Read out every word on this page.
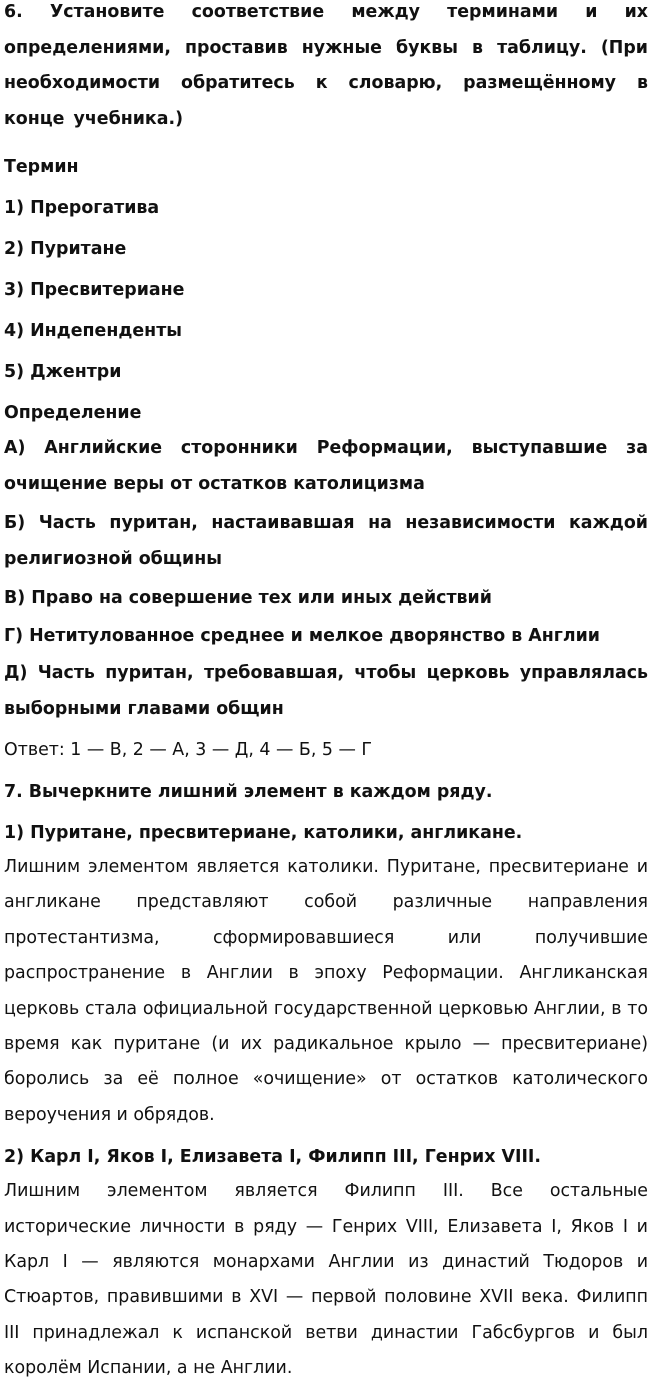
6. Установите соответствие между терминами и их определениями, проставив нужные буквы в таблицу. (При необходимости обратитесь к словарю, размещённому в конце учебника.)

Термин

1) Прерогатива

2) Пуритане

3) Пресвитериане

4) Индепенденты

5) Джентри

Определение

А) Английские сторонники Реформации, выступавшие за очищение веры от остатков католицизма

Б) Часть пуритан, настаивавшая на независимости каждой религиозной общины

В) Право на совершение тех или иных действий

Г) Нетитулованное среднее и мелкое дворянство в Англии

Д) Часть пуритан, требовавшая, чтобы церковь управлялась выборными главами общин

Ответ: 1 — В, 2 — А, 3 — Д, 4 — Б, 5 — Г

7. Вычеркните лишний элемент в каждом ряду.

1) Пуритане, пресвитериане, католики, англикане.

Лишним элементом является католики. Пуритане, пресвитериане и англикане представляют собой различные направления протестантизма, сформировавшиеся или получившие распространение в Англии в эпоху Реформации. Англиканская церковь стала официальной государственной церковью Англии, в то время как пуритане (и их радикальное крыло — пресвитериане) боролись за её полное «очищение» от остатков католического вероучения и обрядов.

2) Карл I, Яков I, Елизавета I, Филипп III, Генрих VIII.

Лишним элементом является Филипп III. Все остальные исторические личности в ряду — Генрих VIII, Елизавета I, Яков I и Карл I — являются монархами Англии из династий Тюдоров и Стюартов, правившими в XVI — первой половине XVII века. Филипп III принадлежал к испанской ветви династии Габсбургов и был королём Испании, а не Англии.
